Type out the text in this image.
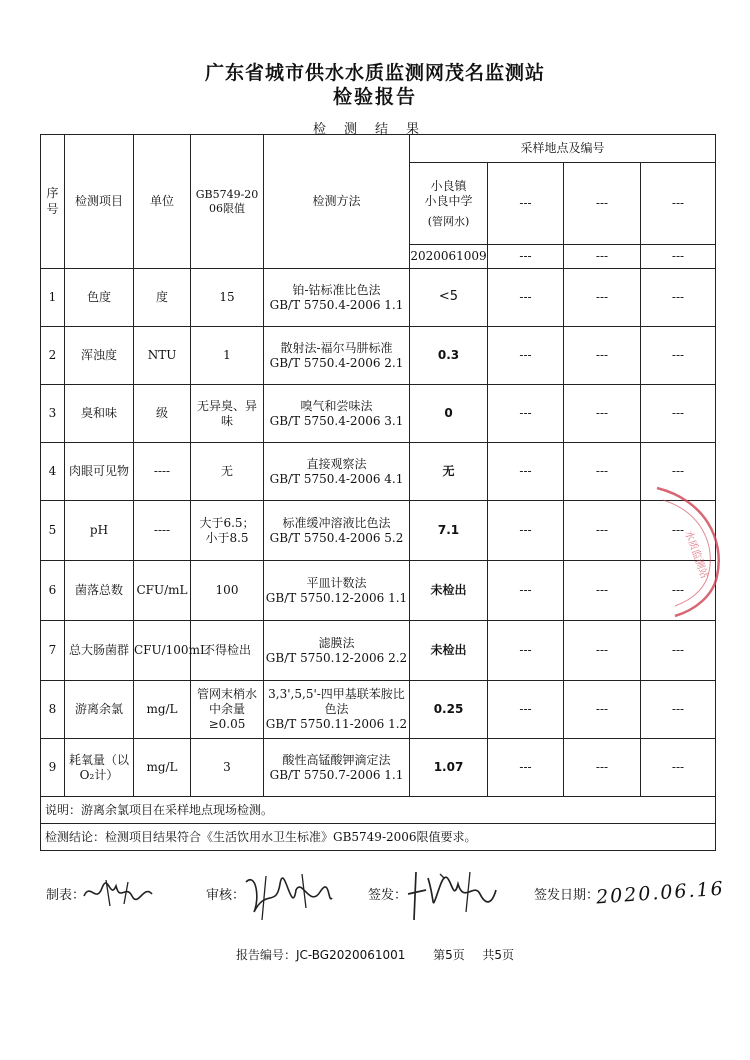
广东省城市供水水质监测网茂名监测站
检验报告
检测结果
序号	检测项目	单位	GB5749-2006限值	检测方法	采样地点及编号			

					小良镇
小良中学
(管网水)	---	---	---
					2020061009	---	---	---
1	色度	度	15	铂-钴标准比色法
GB/T 5750.4-2006 1.1	<5	---	---	---
2	浑浊度	NTU	1	散射法-福尔马肼标准
GB/T 5750.4-2006 2.1	0.3	---	---	---
3	臭和味	级	无异臭、异味	嗅气和尝味法
GB/T 5750.4-2006 3.1	0	---	---	---
4	肉眼可见物	----	无	直接观察法
GB/T 5750.4-2006 4.1	无	---	---	---
5	pH	----	大于6.5；小于8.5	标准缓冲溶液比色法
GB/T 5750.4-2006 5.2	7.1	---	---	---
6	菌落总数	CFU/mL	100	平皿计数法
GB/T 5750.12-2006 1.1	未检出	---	---	---
7	总大肠菌群	CFU/100mL	不得检出	滤膜法
GB/T 5750.12-2006 2.2	未检出	---	---	---
8	游离余氯	mg/L	管网末梢水中余量≥0.05	3,3',5,5'-四甲基联苯胺比色法
GB/T 5750.11-2006 1.2	0.25	---	---	---
9	耗氧量（以O₂计）	mg/L	3	酸性高锰酸钾滴定法
GB/T 5750.7-2006 1.1	1.07	---	---	---
说明：游离余氯项目在采样地点现场检测。								
检测结论：检测项目结果符合《生活饮用水卫生标准》GB5749-2006限值要求。								
制表：	审核：	签发：	签发日期：
2020.06.16
报告编号：JC-BG2020061001 第5页 共5页
水质监测站
